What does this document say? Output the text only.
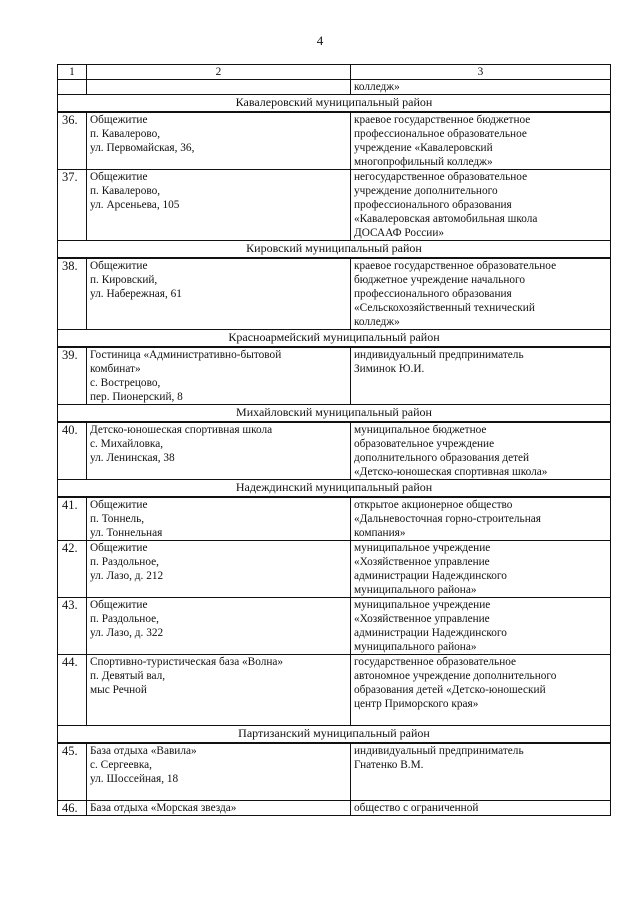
4
1	2	3

		колледж»

Кавалеровский муниципальный район		
36.	Общежитие
п. Кавалерово,
ул. Первомайская, 36,	краевое государственное бюджетное
профессиональное образовательное
учреждение «Кавалеровский
многопрофильный колледж»

37.	Общежитие
п. Кавалерово,
ул. Арсеньева, 105	негосударственное образовательное
учреждение дополнительного
профессионального образования
«Кавалеровская автомобильная школа
ДОСААФ России»

Кировский муниципальный район		
38.	Общежитие
п. Кировский,
ул. Набережная, 61	краевое государственное образовательное
бюджетное учреждение начального
профессионального образования
«Сельскохозяйственный технический
колледж»

Красноармейский муниципальный район		
39.	Гостиница «Административно-бытовой
комбинат»
с. Вострецово,
пер. Пионерский, 8	индивидуальный предприниматель
Зиминок Ю.И.

Михайловский муниципальный район		
40.	Детско-юношеская спортивная школа
с. Михайловка,
ул. Ленинская, 38	муниципальное бюджетное
образовательное учреждение
дополнительного образования детей
«Детско-юношеская спортивная школа»

Надеждинский муниципальный район		
41.	Общежитие
п. Тоннель,
ул. Тоннельная	открытое акционерное общество
«Дальневосточная горно-строительная
компания»

42.	Общежитие
п. Раздольное,
ул. Лазо, д. 212	муниципальное учреждение
«Хозяйственное управление
администрации Надеждинского
муниципального района»

43.	Общежитие
п. Раздольное,
ул. Лазо, д. 322	муниципальное учреждение
«Хозяйственное управление
администрации Надеждинского
муниципального района»

44.	Спортивно-туристическая база «Волна»
п. Девятый вал,
мыс Речной	государственное образовательное
автономное учреждение дополнительного
образования детей «Детско-юношеский
центр Приморского края»

Партизанский муниципальный район		
45.	База отдыха «Вавила»
с. Сергеевка,
ул. Шоссейная, 18	индивидуальный предприниматель
Гнатенко В.М.

46.	База отдыха «Морская звезда»	общество с ограниченной
